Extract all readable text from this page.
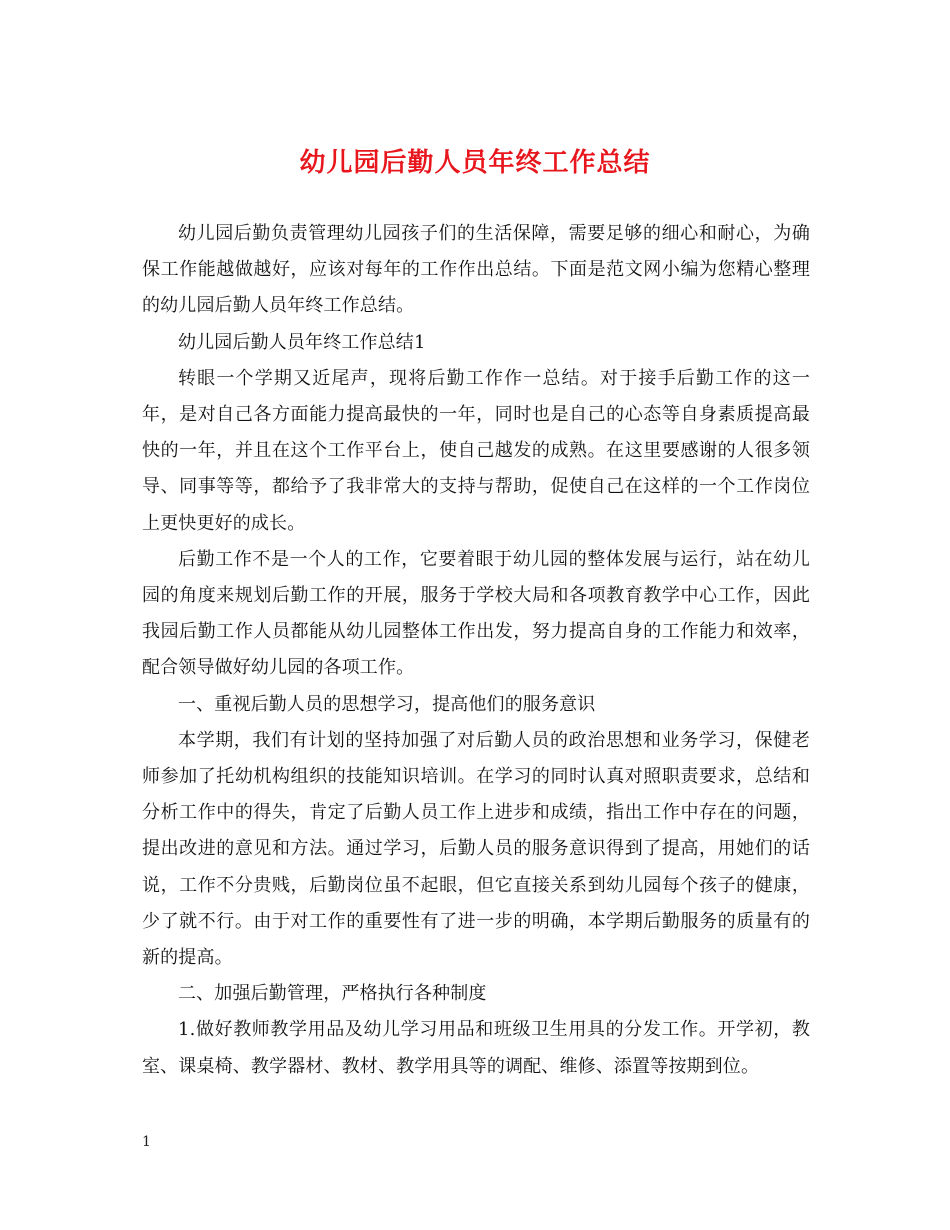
幼儿园后勤人员年终工作总结

幼儿园后勤负责管理幼儿园孩子们的生活保障，需要足够的细心和耐心，为确保工作能越做越好，应该对每年的工作作出总结。下面是范文网小编为您精心整理的幼儿园后勤人员年终工作总结。

幼儿园后勤人员年终工作总结1

转眼一个学期又近尾声，现将后勤工作作一总结。对于接手后勤工作的这一年，是对自己各方面能力提高最快的一年，同时也是自己的心态等自身素质提高最快的一年，并且在这个工作平台上，使自己越发的成熟。在这里要感谢的人很多领导、同事等等，都给予了我非常大的支持与帮助，促使自己在这样的一个工作岗位上更快更好的成长。

后勤工作不是一个人的工作，它要着眼于幼儿园的整体发展与运行，站在幼儿园的角度来规划后勤工作的开展，服务于学校大局和各项教育教学中心工作，因此我园后勤工作人员都能从幼儿园整体工作出发，努力提高自身的工作能力和效率，配合领导做好幼儿园的各项工作。

一、重视后勤人员的思想学习，提高他们的服务意识

本学期，我们有计划的坚持加强了对后勤人员的政治思想和业务学习，保健老师参加了托幼机构组织的技能知识培训。在学习的同时认真对照职责要求，总结和分析工作中的得失，肯定了后勤人员工作上进步和成绩，指出工作中存在的问题，提出改进的意见和方法。通过学习，后勤人员的服务意识得到了提高，用她们的话说，工作不分贵贱，后勤岗位虽不起眼，但它直接关系到幼儿园每个孩子的健康，少了就不行。由于对工作的重要性有了进一步的明确，本学期后勤服务的质量有的新的提高。

二、加强后勤管理，严格执行各种制度

1.做好教师教学用品及幼儿学习用品和班级卫生用具的分发工作。开学初，教室、课桌椅、教学器材、教材、教学用具等的调配、维修、添置等按期到位。

1
